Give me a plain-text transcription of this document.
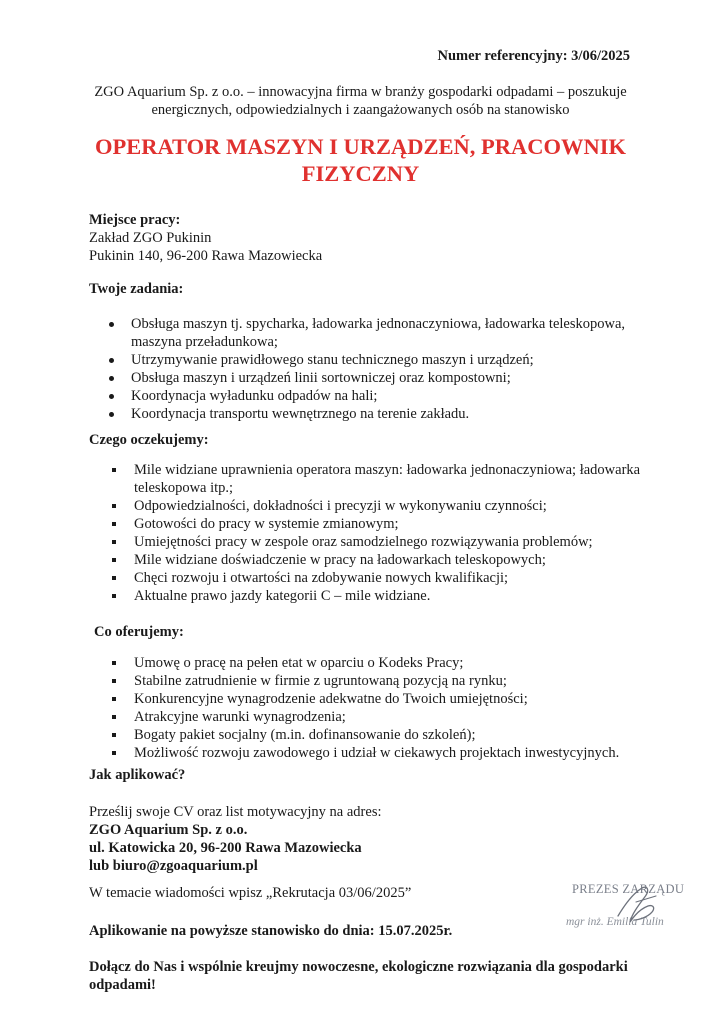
Numer referencyjny: 3/06/2025
ZGO Aquarium Sp. z o.o. – innowacyjna firma w branży gospodarki odpadami – poszukuje
energicznych, odpowiedzialnych i zaangażowanych osób na stanowisko
OPERATOR MASZYN I URZĄDZEŃ, PRACOWNIK
FIZYCZNY
Miejsce pracy:
Zakład ZGO Pukinin
Pukinin 140, 96-200 Rawa Mazowiecka
Twoje zadania:
Obsługa maszyn tj. spycharka, ładowarka jednonaczyniowa, ładowarka teleskopowa, maszyna przeładunkowa;
Utrzymywanie prawidłowego stanu technicznego maszyn i urządzeń;
Obsługa maszyn i urządzeń linii sortowniczej oraz kompostowni;
Koordynacja wyładunku odpadów na hali;
Koordynacja transportu wewnętrznego na terenie zakładu.
Czego oczekujemy:
Mile widziane uprawnienia operatora maszyn: ładowarka jednonaczyniowa; ładowarka teleskopowa itp.;
Odpowiedzialności, dokładności i precyzji w wykonywaniu czynności;
Gotowości do pracy w systemie zmianowym;
Umiejętności pracy w zespole oraz samodzielnego rozwiązywania problemów;
Mile widziane doświadczenie w pracy na ładowarkach teleskopowych;
Chęci rozwoju i otwartości na zdobywanie nowych kwalifikacji;
Aktualne prawo jazdy kategorii C – mile widziane.
Co oferujemy:
Umowę o pracę na pełen etat w oparciu o Kodeks Pracy;
Stabilne zatrudnienie w firmie z ugruntowaną pozycją na rynku;
Konkurencyjne wynagrodzenie adekwatne do Twoich umiejętności;
Atrakcyjne warunki wynagrodzenia;
Bogaty pakiet socjalny (m.in. dofinansowanie do szkoleń);
Możliwość rozwoju zawodowego i udział w ciekawych projektach inwestycyjnych.
Jak aplikować?
Prześlij swoje CV oraz list motywacyjny na adres:
ZGO Aquarium Sp. z o.o.
ul. Katowicka 20, 96-200 Rawa Mazowiecka
lub biuro@zgoaquarium.pl
W temacie wiadomości wpisz „Rekrutacja 03/06/2025”
Aplikowanie na powyższe stanowisko do dnia: 15.07.2025r.
Dołącz do Nas i wspólnie kreujmy nowoczesne, ekologiczne rozwiązania dla gospodarki odpadami!
PREZES ZARZĄDU
mgr inż. Emilia Tulin
